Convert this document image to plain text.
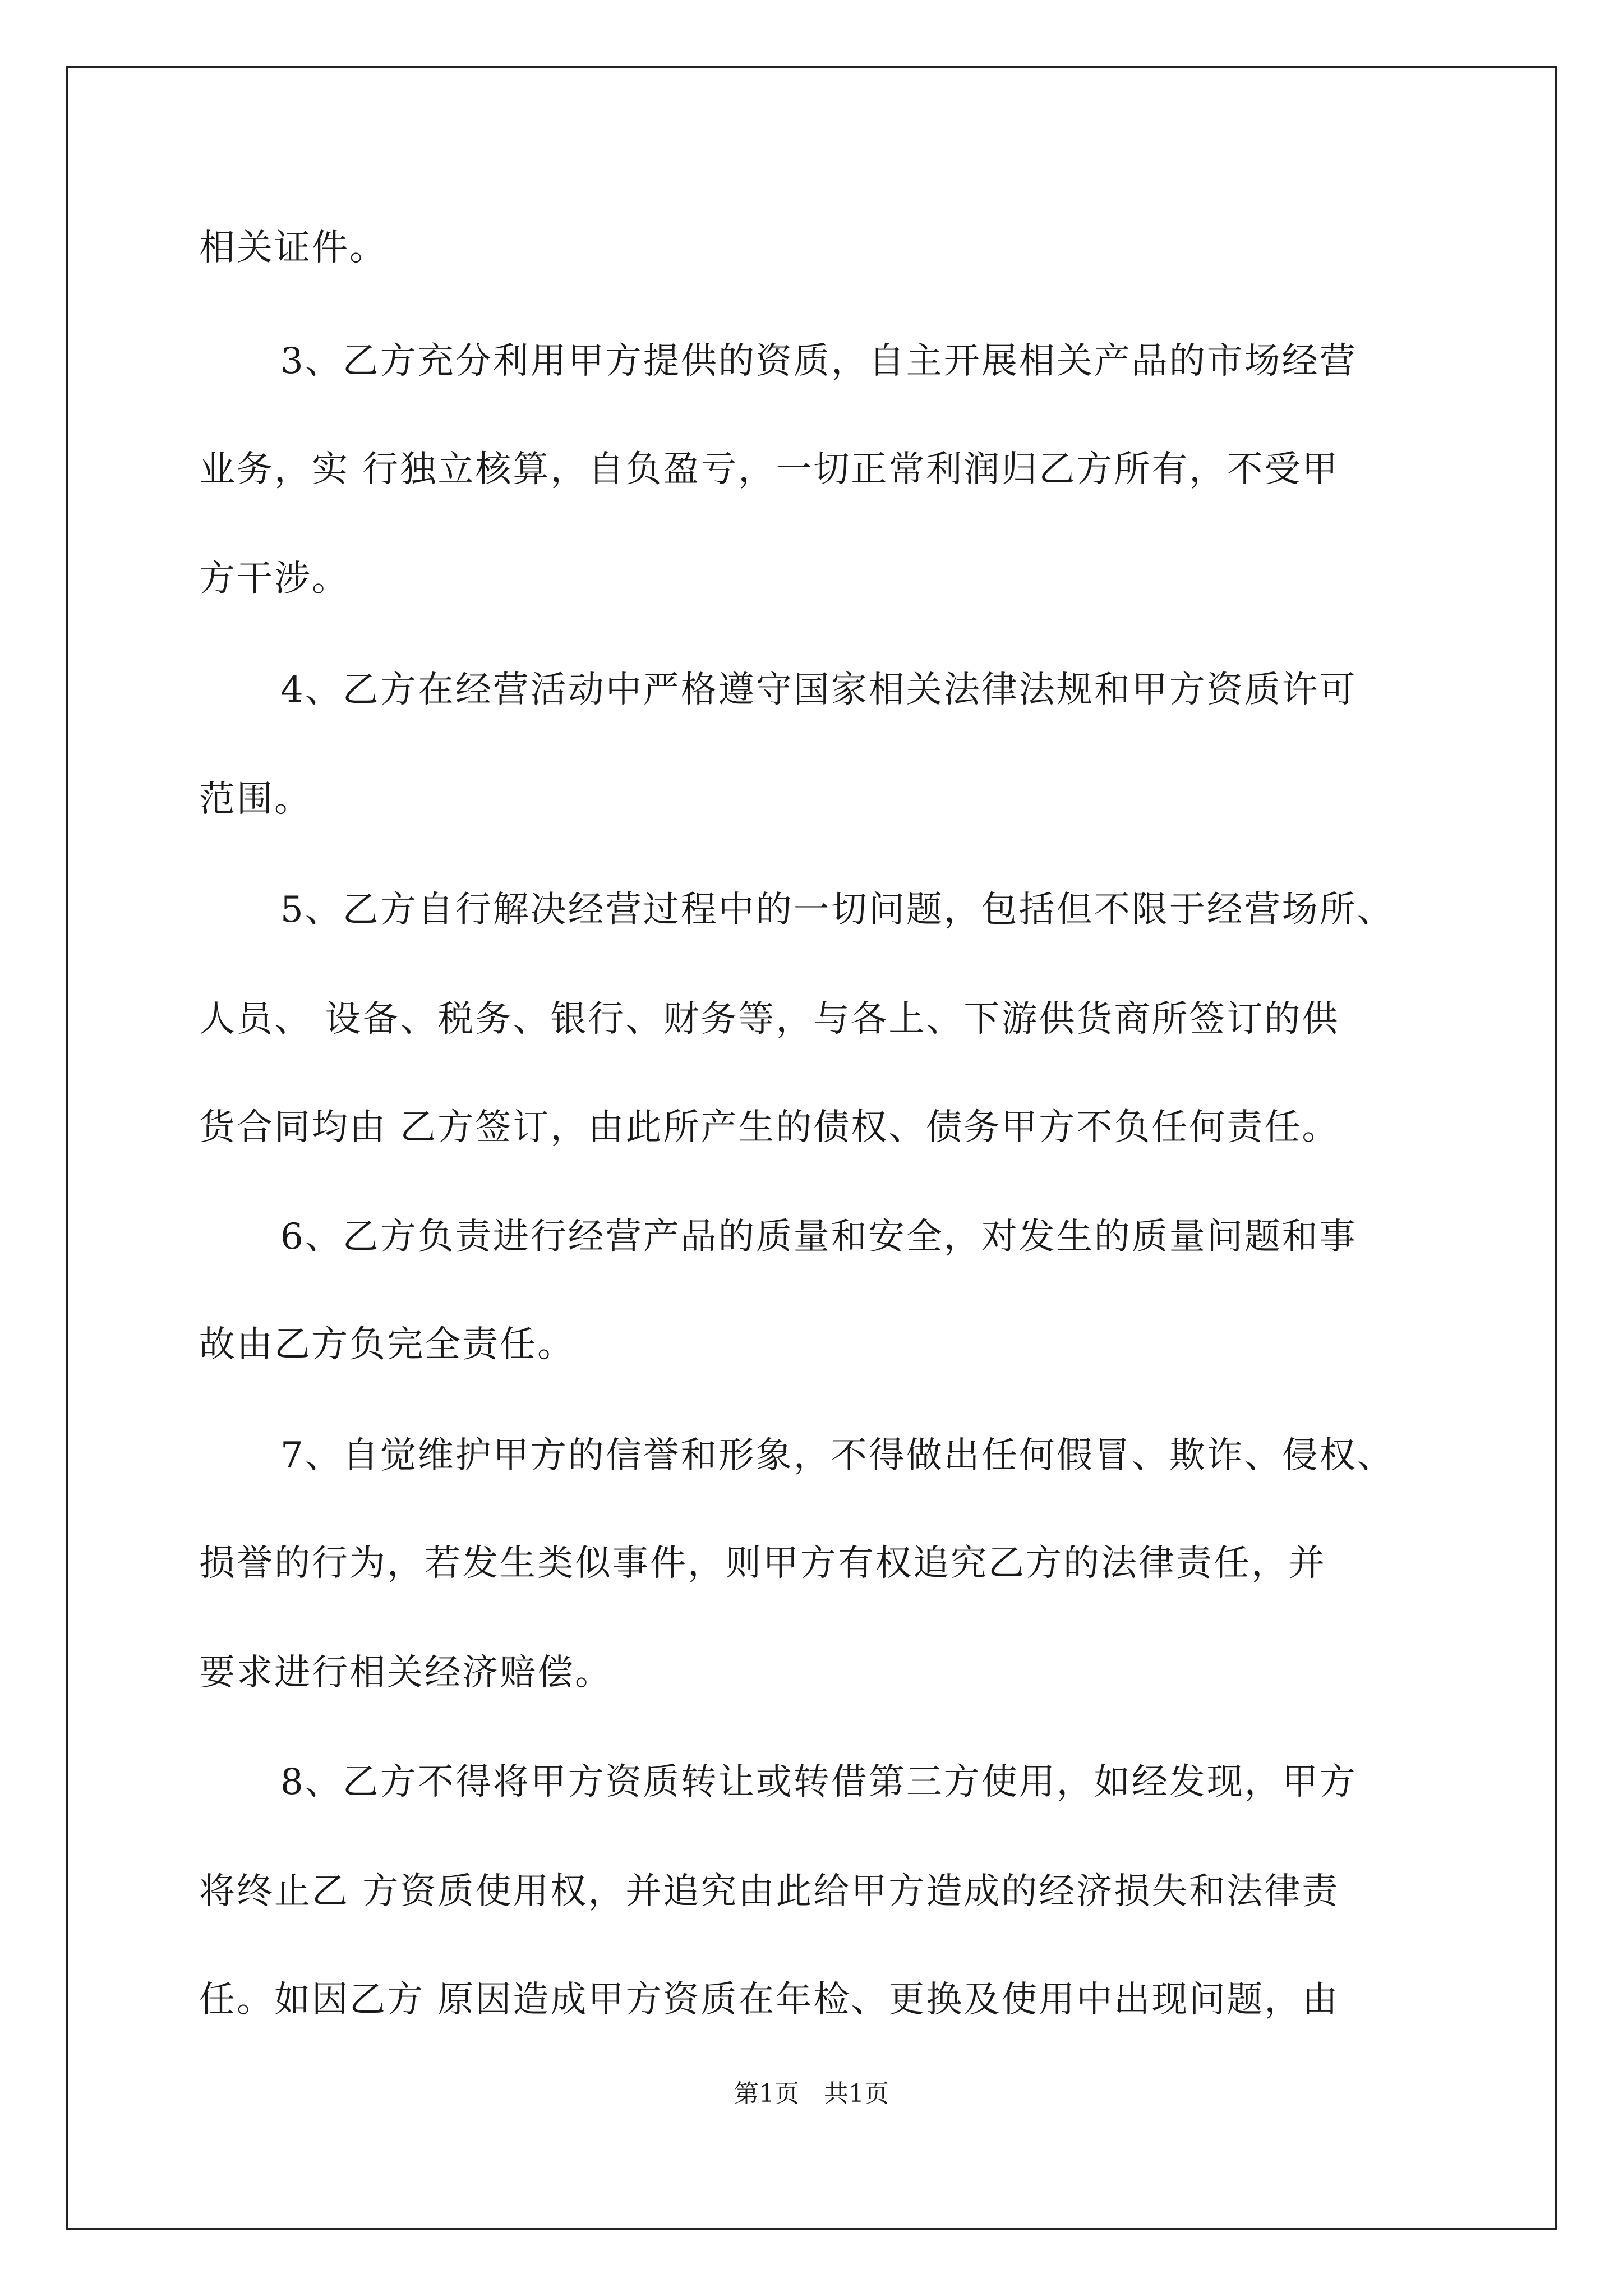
相关证件。

3、乙方充分利用甲方提供的资质，自主开展相关产品的市场经营

业务，实 行独立核算，自负盈亏，一切正常利润归乙方所有，不受甲

方干涉。

4、乙方在经营活动中严格遵守国家相关法律法规和甲方资质许可

范围。

5、乙方自行解决经营过程中的一切问题，包括但不限于经营场所、

人员、 设备、税务、银行、财务等，与各上、下游供货商所签订的供

货合同均由 乙方签订，由此所产生的债权、债务甲方不负任何责任。

6、乙方负责进行经营产品的质量和安全，对发生的质量问题和事

故由乙方负完全责任。

7、自觉维护甲方的信誉和形象，不得做出任何假冒、欺诈、侵权、

损誉的行为，若发生类似事件，则甲方有权追究乙方的法律责任，并

要求进行相关经济赔偿。

8、乙方不得将甲方资质转让或转借第三方使用，如经发现，甲方

将终止乙 方资质使用权，并追究由此给甲方造成的经济损失和法律责

任。如因乙方 原因造成甲方资质在年检、更换及使用中出现问题，由

第1页　共1页
